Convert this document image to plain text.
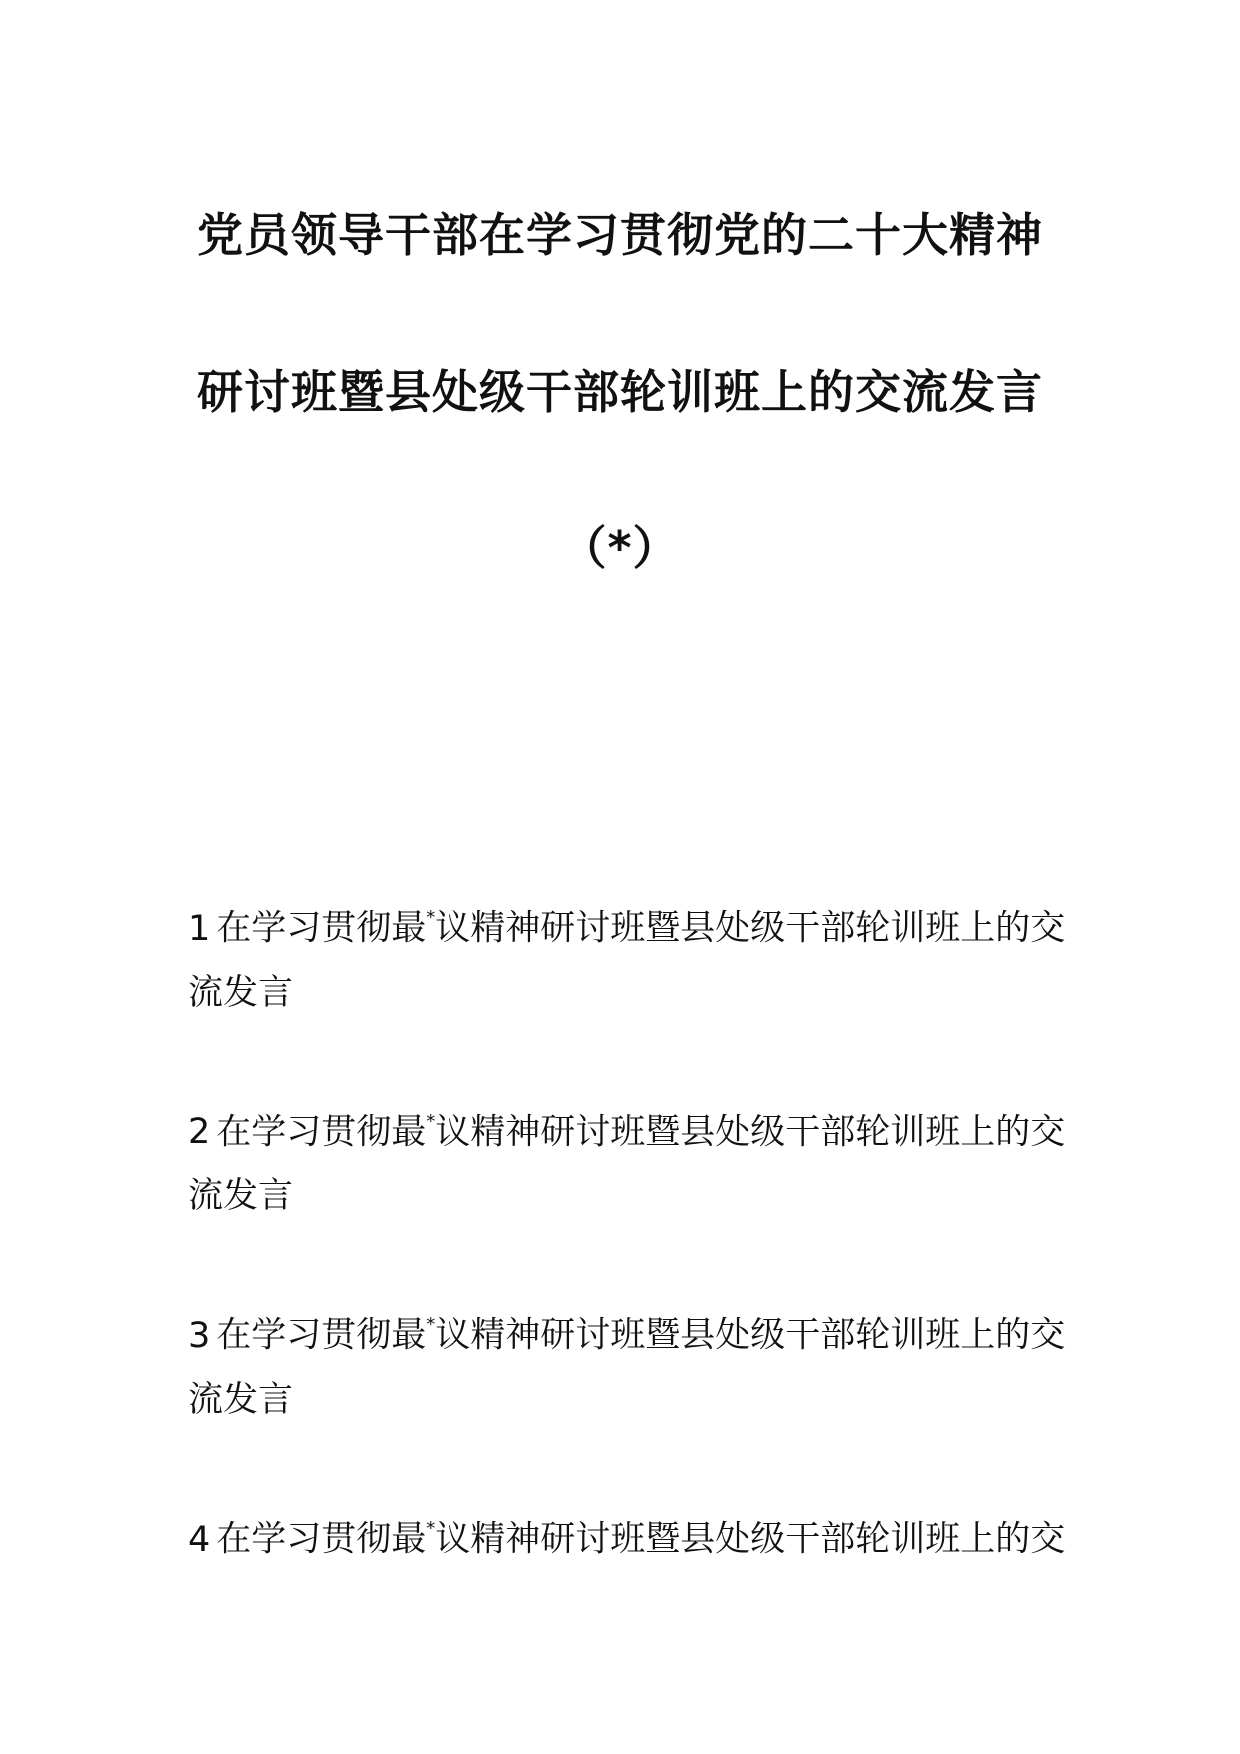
党员领导干部在学习贯彻党的二十大精神
研讨班暨县处级干部轮训班上的交流发言
（*）
1 在学习贯彻最*议精神研讨班暨县处级干部轮训班上的交流发言
2 在学习贯彻最*议精神研讨班暨县处级干部轮训班上的交流发言
3 在学习贯彻最*议精神研讨班暨县处级干部轮训班上的交流发言
4 在学习贯彻最*议精神研讨班暨县处级干部轮训班上的交
